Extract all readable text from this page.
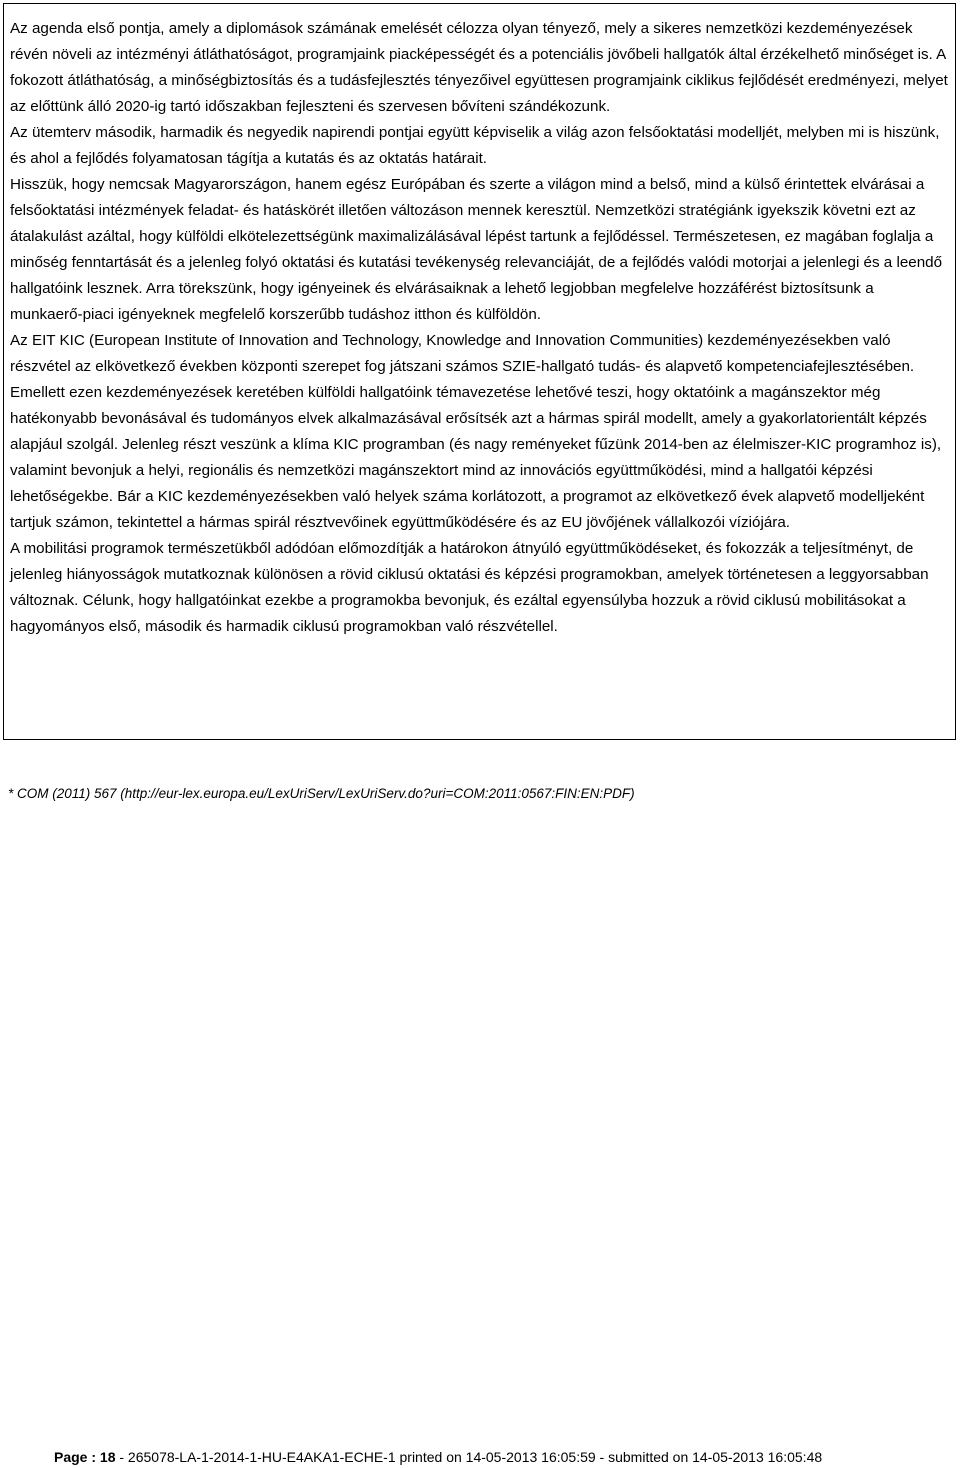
Az agenda első pontja, amely a diplomások számának emelését célozza olyan tényező, mely a sikeres nemzetközi kezdeményezések révén növeli az intézményi átláthatóságot, programjaink piacképességét és a potenciális jövőbeli hallgatók által érzékelhető minőséget is. A fokozott átláthatóság, a minőségbiztosítás és a tudásfejlesztés tényezőivel együttesen programjaink ciklikus fejlődését eredményezi, melyet az előttünk álló 2020-ig tartó időszakban fejleszteni és szervesen bővíteni szándékozunk.

Az ütemterv második, harmadik és negyedik napirendi pontjai együtt képviselik a világ azon felsőoktatási modelljét, melyben mi is hiszünk, és ahol a fejlődés folyamatosan tágítja a kutatás és az oktatás határait.

Hisszük, hogy nemcsak Magyarországon, hanem egész Európában és szerte a világon mind a belső, mind a külső érintettek elvárásai a felsőoktatási intézmények feladat- és hatáskörét illetően változáson mennek keresztül. Nemzetközi stratégiánk igyekszik követni ezt az átalakulást azáltal, hogy külföldi elkötelezettségünk maximalizálásával lépést tartunk a fejlődéssel. Természetesen, ez magában foglalja a minőség fenntartását és a jelenleg folyó oktatási és kutatási tevékenység relevanciáját, de a fejlődés valódi motorjai a jelenlegi és a leendő hallgatóink lesznek. Arra törekszünk, hogy igényeinek és elvárásaiknak a lehető legjobban megfelelve hozzáférést biztosítsunk a munkaerő-piaci igényeknek megfelelő korszerűbb tudáshoz itthon és külföldön.

Az EIT KIC (European Institute of Innovation and Technology, Knowledge and Innovation Communities) kezdeményezésekben való részvétel az elkövetkező években központi szerepet fog játszani számos SZIE-hallgató tudás- és alapvető kompetenciafejlesztésében. Emellett ezen kezdeményezések keretében külföldi hallgatóink témavezetése lehetővé teszi, hogy oktatóink a magánszektor még hatékonyabb bevonásával és tudományos elvek alkalmazásával erősítsék azt a hármas spirál modellt, amely a gyakorlatorientált képzés alapjául szolgál. Jelenleg részt veszünk a klíma KIC programban (és nagy reményeket fűzünk 2014-ben az élelmiszer-KIC programhoz is), valamint bevonjuk a helyi, regionális és nemzetközi magánszektort mind az innovációs együttműködési, mind a hallgatói képzési lehetőségekbe. Bár a KIC kezdeményezésekben való helyek száma korlátozott, a programot az elkövetkező évek alapvető modelljeként tartjuk számon, tekintettel a hármas spirál résztvevőinek együttműködésére és az EU jövőjének vállalkozói víziójára.

A mobilitási programok természetükből adódóan előmozdítják a határokon átnyúló együttműködéseket, és fokozzák a teljesítményt, de jelenleg hiányosságok mutatkoznak különösen a rövid ciklusú oktatási és képzési programokban, amelyek történetesen a leggyorsabban változnak. Célunk, hogy hallgatóinkat ezekbe a programokba bevonjuk, és ezáltal egyensúlyba hozzuk a rövid ciklusú mobilitásokat a hagyományos első, második és harmadik ciklusú programokban való részvétellel.

* COM (2011) 567 (http://eur-lex.europa.eu/LexUriServ/LexUriServ.do?uri=COM:2011:0567:FIN:EN:PDF)
Page : 18 - 265078-LA-1-2014-1-HU-E4AKA1-ECHE-1 printed on 14-05-2013 16:05:59 - submitted on 14-05-2013 16:05:48
